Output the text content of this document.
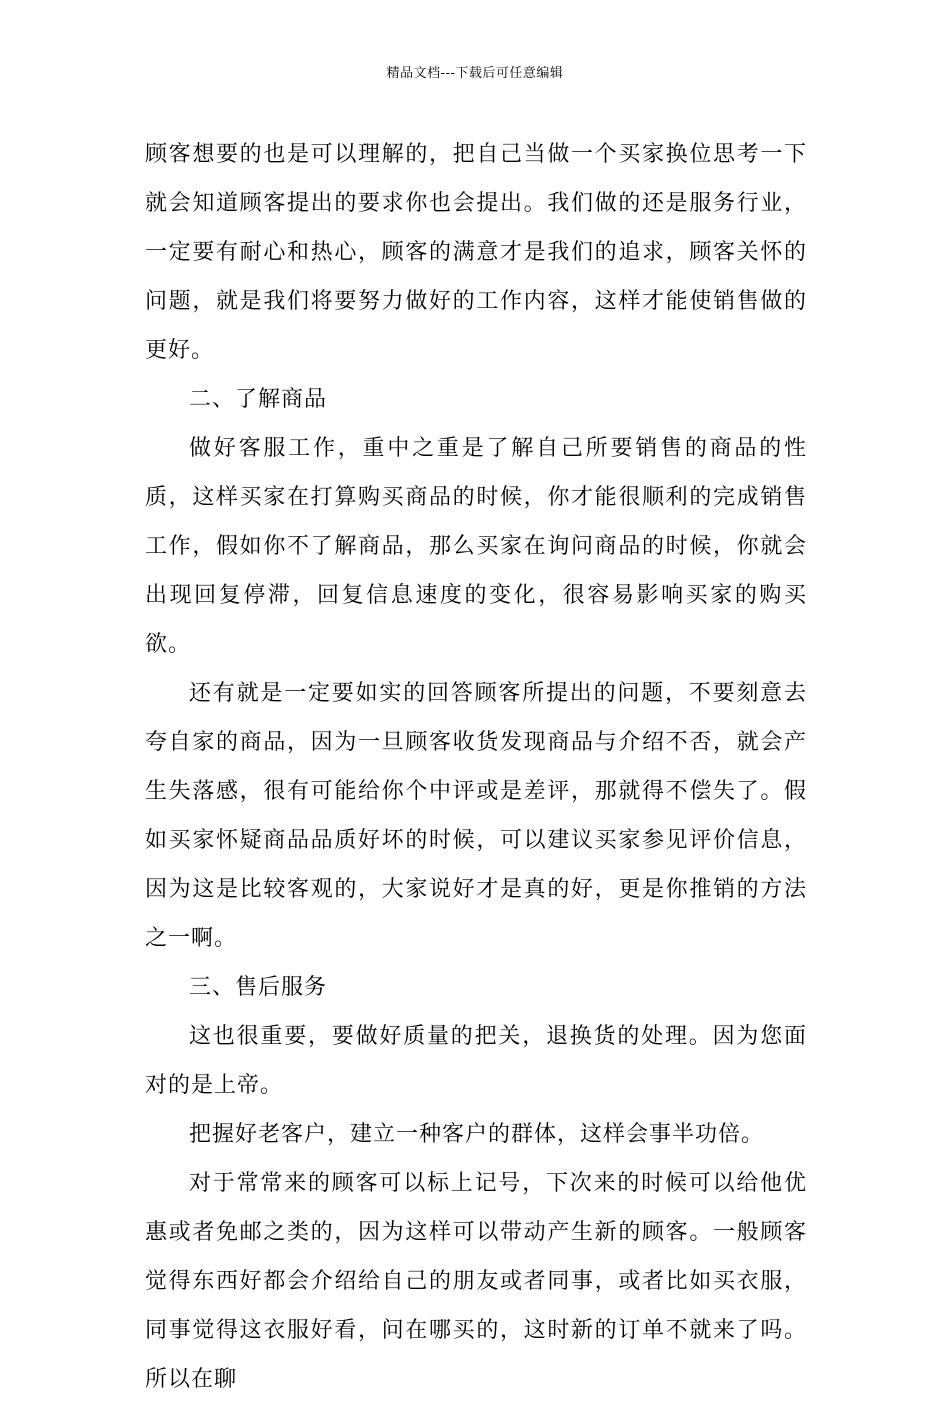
精品文档---下载后可任意编辑

顾客想要的也是可以理解的，把自己当做一个买家换位思考一下就会知道顾客提出的要求你也会提出。我们做的还是服务行业，一定要有耐心和热心，顾客的满意才是我们的追求，顾客关怀的问题，就是我们将要努力做好的工作内容，这样才能使销售做的更好。

二、了解商品

做好客服工作，重中之重是了解自己所要销售的商品的性质，这样买家在打算购买商品的时候，你才能很顺利的完成销售工作，假如你不了解商品，那么买家在询问商品的时候，你就会出现回复停滞，回复信息速度的变化，很容易影响买家的购买欲。

还有就是一定要如实的回答顾客所提出的问题，不要刻意去夸自家的商品，因为一旦顾客收货发现商品与介绍不否，就会产生失落感，很有可能给你个中评或是差评，那就得不偿失了。假如买家怀疑商品品质好坏的时候，可以建议买家参见评价信息，因为这是比较客观的，大家说好才是真的好，更是你推销的方法之一啊。

三、售后服务

这也很重要，要做好质量的把关，退换货的处理。因为您面对的是上帝。

把握好老客户，建立一种客户的群体，这样会事半功倍。

对于常常来的顾客可以标上记号，下次来的时候可以给他优惠或者免邮之类的，因为这样可以带动产生新的顾客。一般顾客觉得东西好都会介绍给自己的朋友或者同事，或者比如买衣服，同事觉得这衣服好看，问在哪买的，这时新的订单不就来了吗。所以在聊
